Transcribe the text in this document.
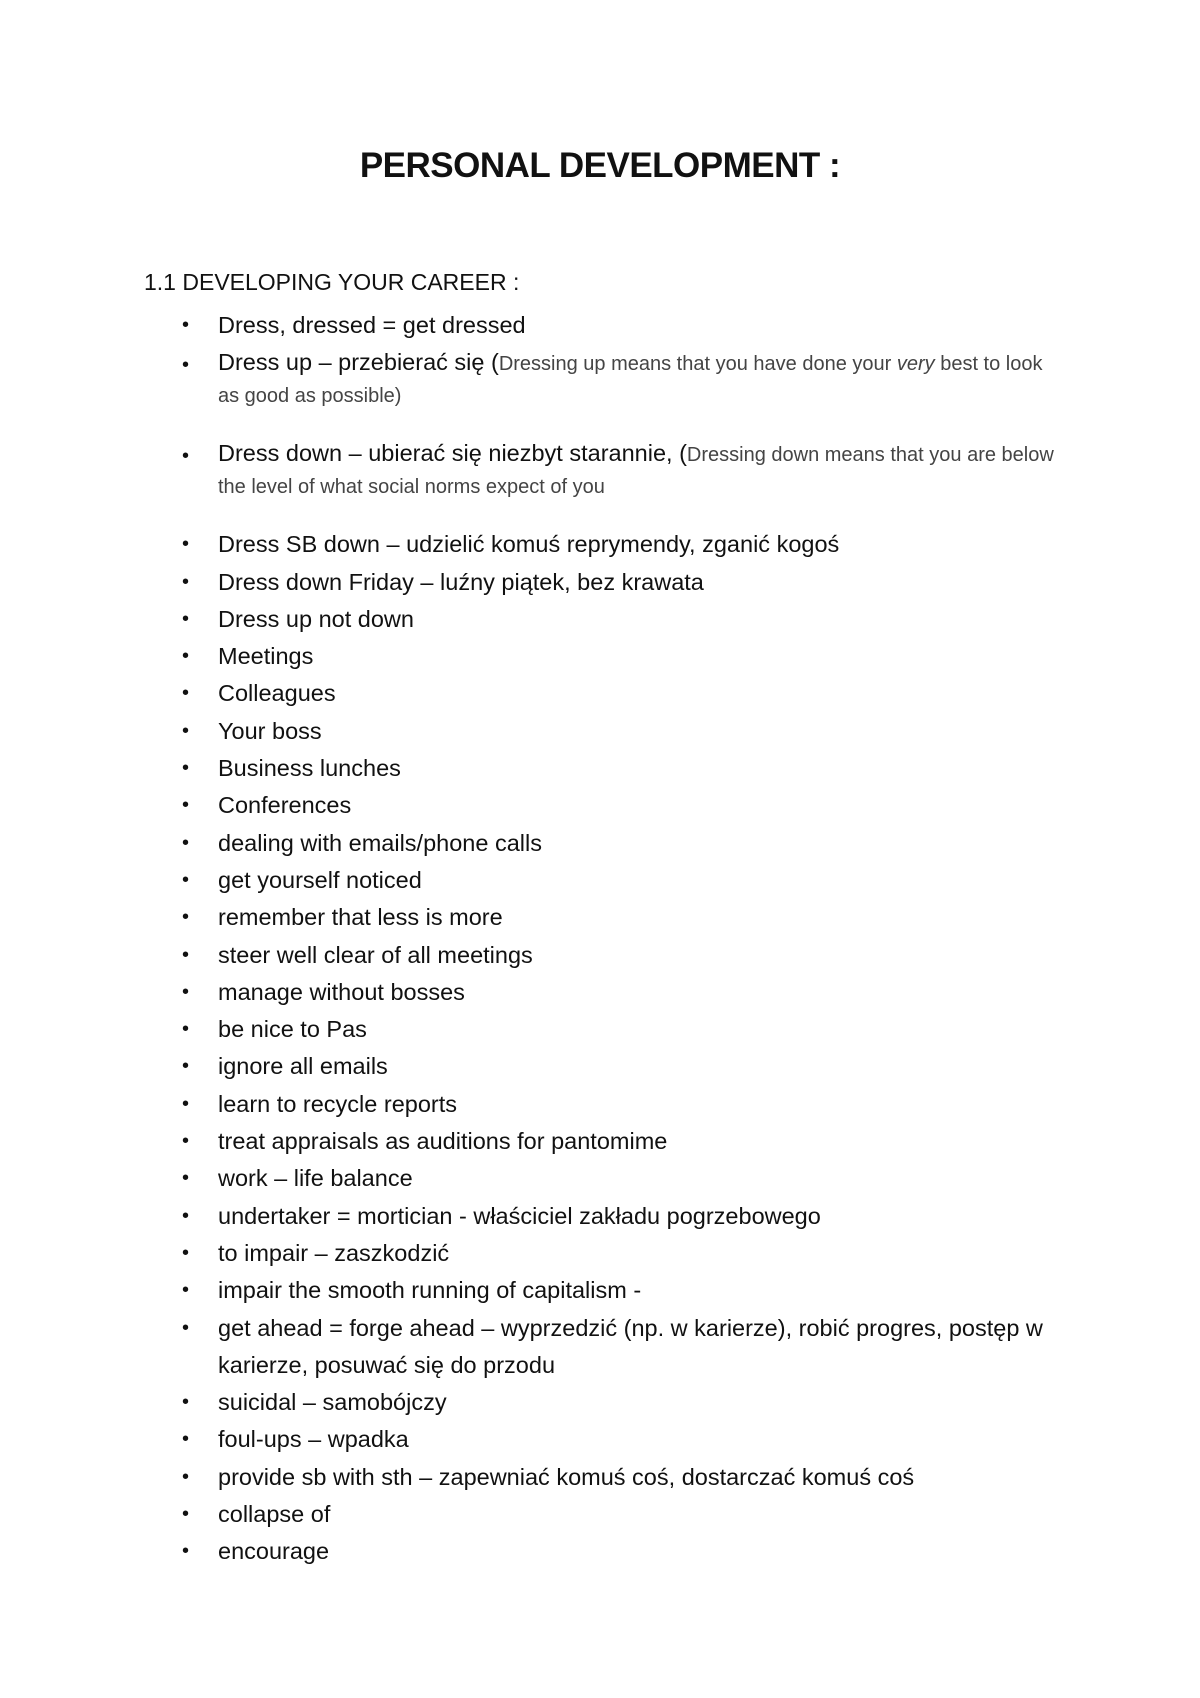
PERSONAL DEVELOPMENT :
1.1 DEVELOPING YOUR CAREER :
• Dress, dressed = get dressed
• Dress up – przebierać się (Dressing up means that you have done your very best to look as good as possible)
• Dress down – ubierać się niezbyt starannie, (Dressing down means that you are below the level of what social norms expect of you
• Dress SB down – udzielić komuś reprymendy, zganić kogoś
• Dress down Friday – luźny piątek, bez krawata
• Dress up not down
• Meetings
• Colleagues
• Your boss
• Business lunches
• Conferences
• dealing with emails/phone calls
• get yourself noticed
• remember that less is more
• steer well clear of all meetings
• manage without bosses
• be nice to Pas
• ignore all emails
• learn to recycle reports
• treat appraisals as auditions for pantomime
• work – life balance
• undertaker = mortician - właściciel zakładu pogrzebowego
• to impair – zaszkodzić
• impair the smooth running of capitalism -
• get ahead = forge ahead – wyprzedzić (np. w karierze), robić progres, postęp w karierze, posuwać się do przodu
• suicidal – samobójczy
• foul-ups – wpadka
• provide sb with sth – zapewniać komuś coś, dostarczać komuś coś
• collapse of
• encourage
